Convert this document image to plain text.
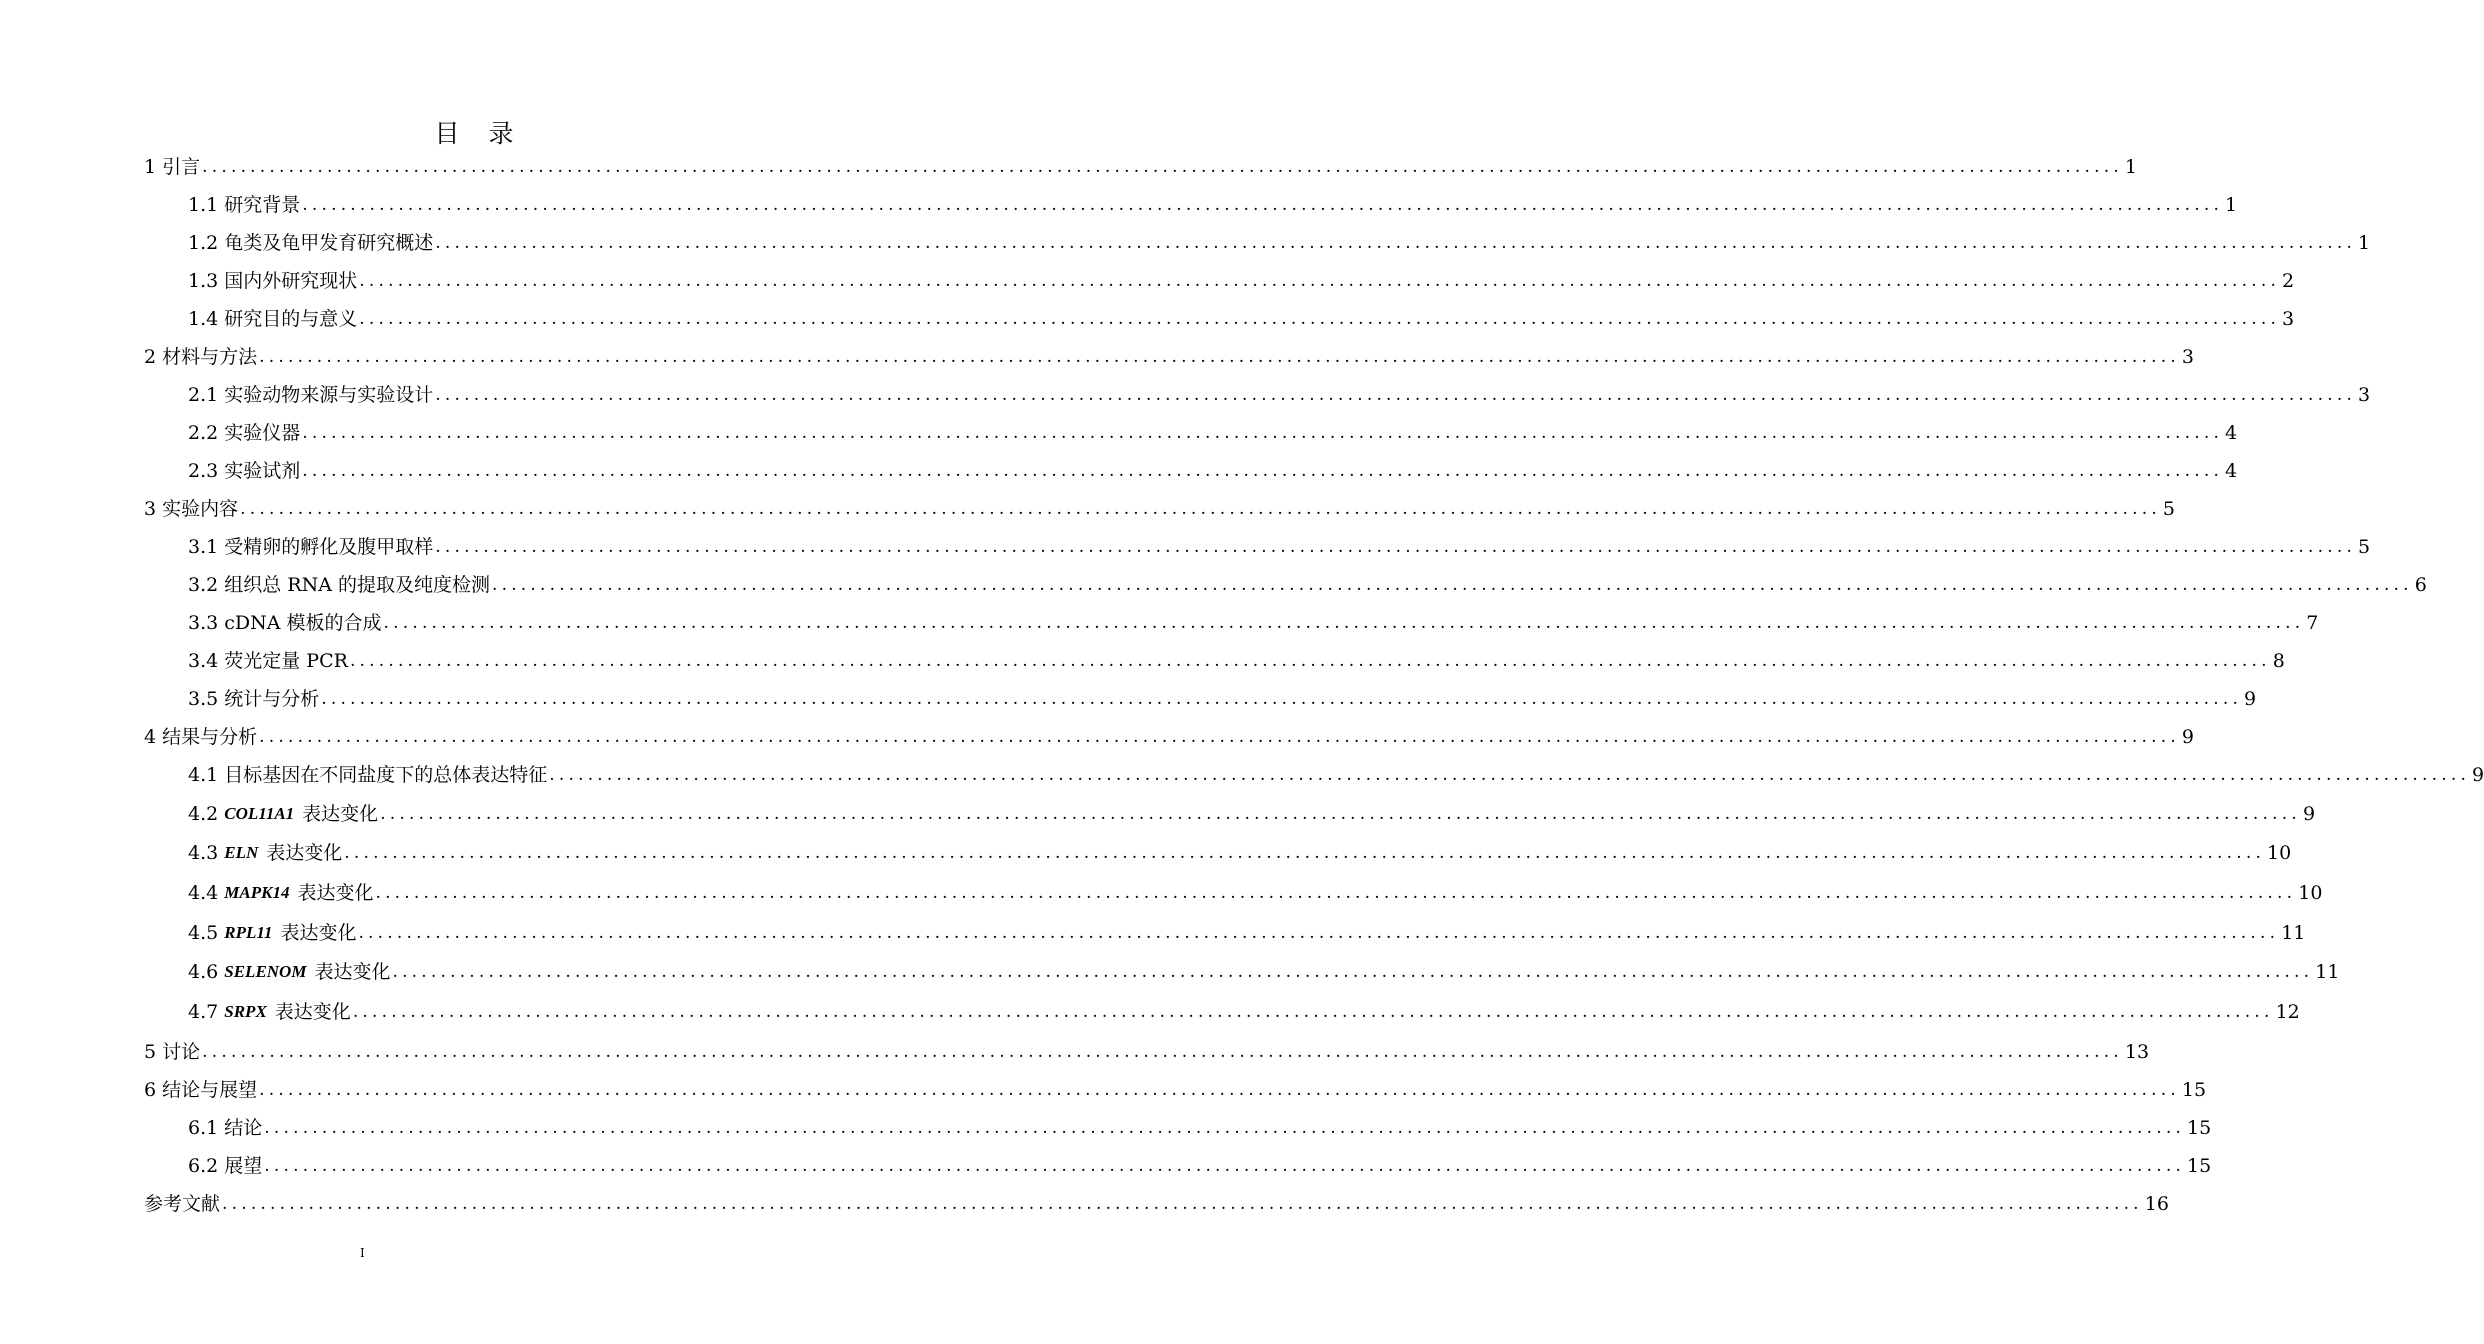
目　录
1
引言 ........................................................................................................................................................................................................ 1
1.1
研究背景 ........................................................................................................................................................................................................ 1
1.2
龟类及龟甲发育研究概述 ........................................................................................................................................................................................................ 1
1.3
国内外研究现状 ........................................................................................................................................................................................................ 2
1.4
研究目的与意义 ........................................................................................................................................................................................................ 3
2
材料与方法 ........................................................................................................................................................................................................ 3
2.1
实验动物来源与实验设计 ........................................................................................................................................................................................................ 3
2.2
实验仪器 ........................................................................................................................................................................................................ 4
2.3
实验试剂 ........................................................................................................................................................................................................ 4
3
实验内容 ........................................................................................................................................................................................................ 5
3.1
受精卵的孵化及腹甲取样 ........................................................................................................................................................................................................ 5
3.2
组织总 RNA 的提取及纯度检测 ........................................................................................................................................................................................................ 6
3.3
cDNA 模板的合成 ........................................................................................................................................................................................................ 7
3.4
荧光定量 PCR ........................................................................................................................................................................................................ 8
3.5
统计与分析 ........................................................................................................................................................................................................ 9
4
结果与分析 ........................................................................................................................................................................................................ 9
4.1
目标基因在不同盐度下的总体表达特征 ........................................................................................................................................................................................................ 9
4.2
COL11A1 表达变化 ........................................................................................................................................................................................................ 9
4.3
ELN 表达变化 ........................................................................................................................................................................................................ 10
4.4
MAPK14 表达变化 ........................................................................................................................................................................................................ 10
4.5
RPL11 表达变化 ........................................................................................................................................................................................................ 11
4.6
SELENOM 表达变化 ........................................................................................................................................................................................................ 11
4.7
SRPX 表达变化 ........................................................................................................................................................................................................ 12
5
讨论 ........................................................................................................................................................................................................ 13
6
结论与展望 ........................................................................................................................................................................................................ 15
6.1
结论 ........................................................................................................................................................................................................ 15
6.2
展望 ........................................................................................................................................................................................................ 15
参考文献 ........................................................................................................................................................................................................ 16
I
